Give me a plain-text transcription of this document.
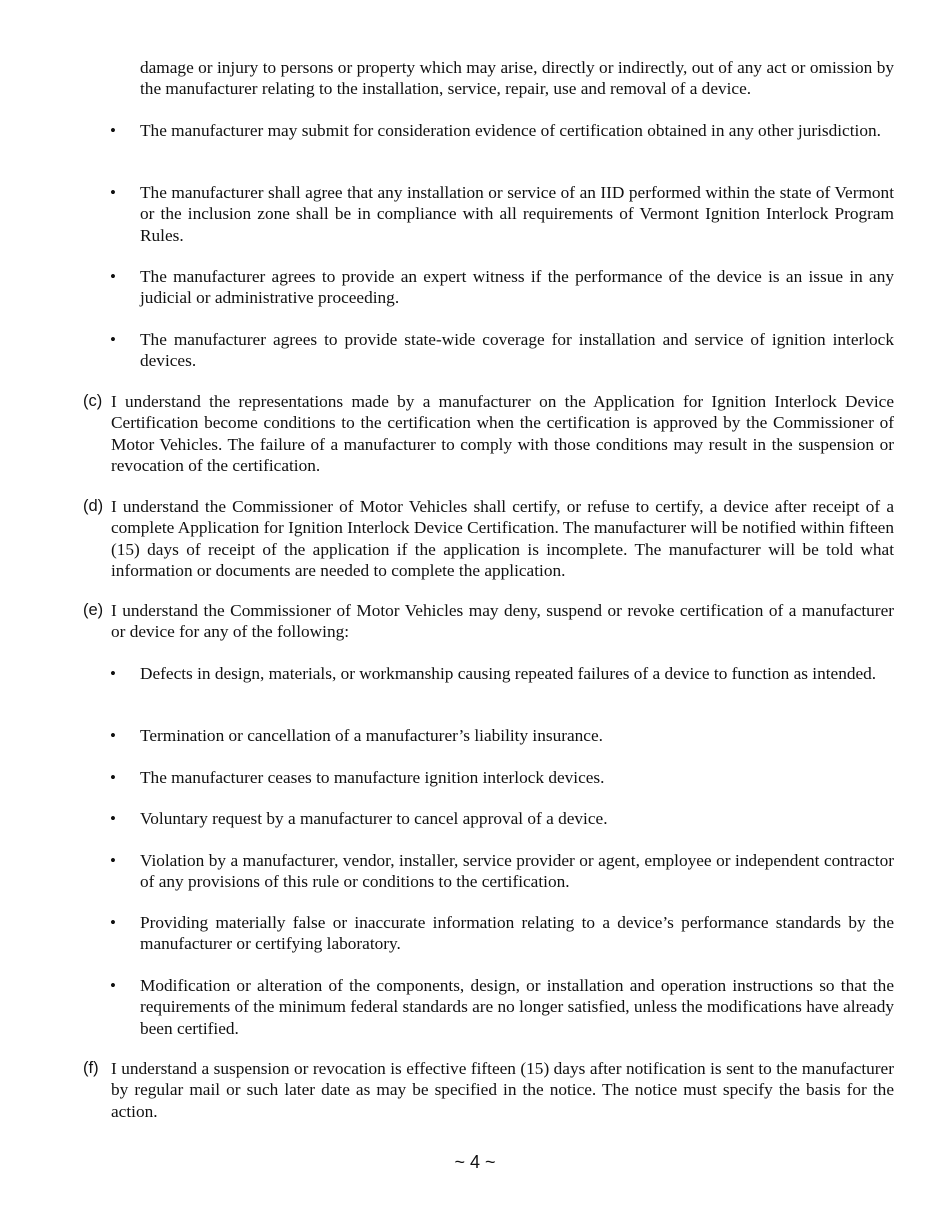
damage or injury to persons or property which may arise, directly or indirectly, out of any act or omission by the manufacturer relating to the installation, service, repair, use and removal of a device.
• The manufacturer may submit for consideration evidence of certification obtained in any other jurisdiction.
• The manufacturer shall agree that any installation or service of an IID performed within the state of Vermont or the inclusion zone shall be in compliance with all requirements of Vermont Ignition Interlock Program Rules.
• The manufacturer agrees to provide an expert witness if the performance of the device is an issue in any judicial or administrative proceeding.
• The manufacturer agrees to provide state-wide coverage for installation and service of ignition interlock devices.
(c) I understand the representations made by a manufacturer on the Application for Ignition Interlock Device Certification become conditions to the certification when the certification is approved by the Commissioner of Motor Vehicles. The failure of a manufacturer to comply with those conditions may result in the suspension or revocation of the certification.
(d) I understand the Commissioner of Motor Vehicles shall certify, or refuse to certify, a device after receipt of a complete Application for Ignition Interlock Device Certification. The manufacturer will be notified within fifteen (15) days of receipt of the application if the application is incomplete. The manufacturer will be told what information or documents are needed to complete the application.
(e) I understand the Commissioner of Motor Vehicles may deny, suspend or revoke certification of a manufacturer or device for any of the following:
• Defects in design, materials, or workmanship causing repeated failures of a device to function as intended.
• Termination or cancellation of a manufacturer’s liability insurance.
• The manufacturer ceases to manufacture ignition interlock devices.
• Voluntary request by a manufacturer to cancel approval of a device.
• Violation by a manufacturer, vendor, installer, service provider or agent, employee or independent contractor of any provisions of this rule or conditions to the certification.
• Providing materially false or inaccurate information relating to a device’s performance standards by the manufacturer or certifying laboratory.
• Modification or alteration of the components, design, or installation and operation instructions so that the requirements of the minimum federal standards are no longer satisfied, unless the modifications have already been certified.
(f) I understand a suspension or revocation is effective fifteen (15) days after notification is sent to the manufacturer by regular mail or such later date as may be specified in the notice. The notice must specify the basis for the action.
~ 4 ~
